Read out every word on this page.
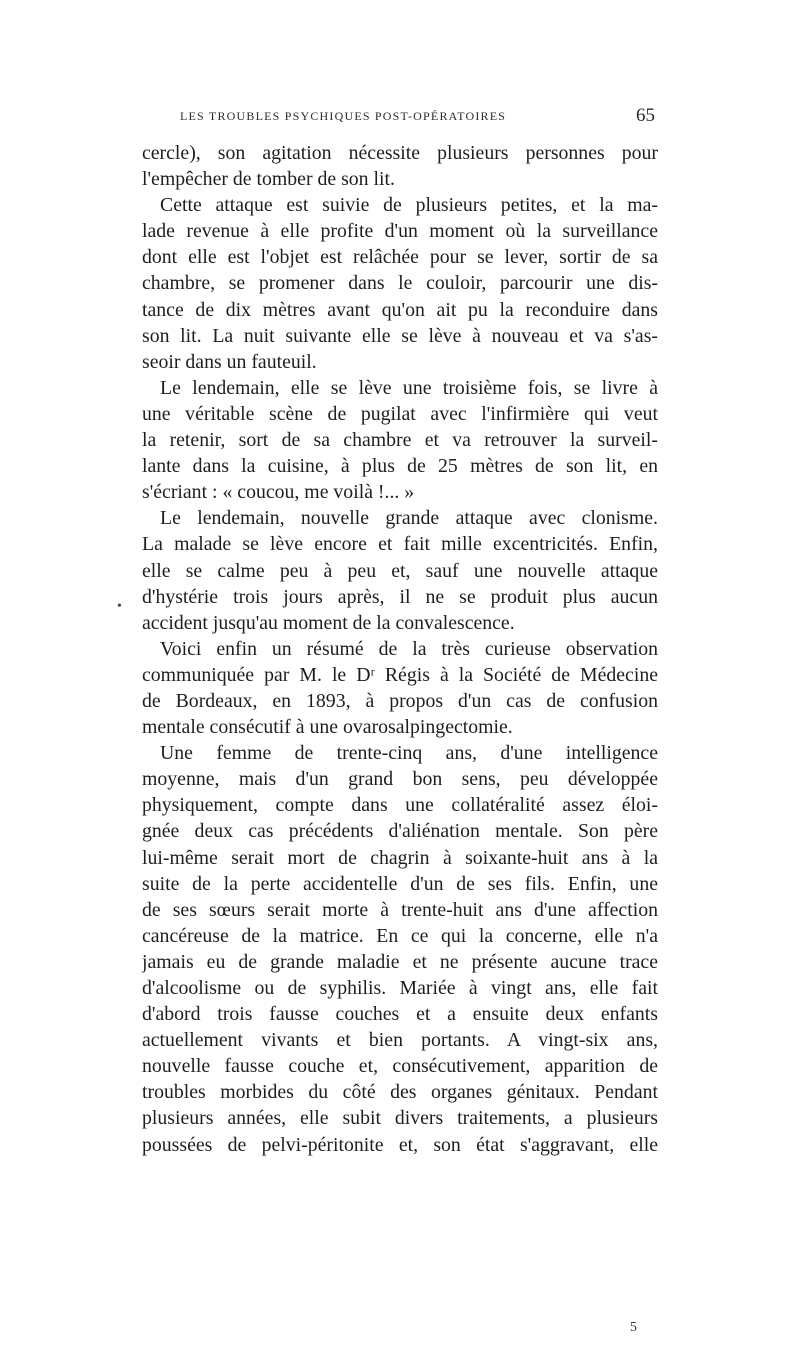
LES TROUBLES PSYCHIQUES POST-OPÉRATOIRES	65
•
cercle), son agitation nécessite plusieurs personnes pour
l'empêcher de tomber de son lit.
Cette attaque est suivie de plusieurs petites, et la ma-
lade revenue à elle profite d'un moment où la surveillance
dont elle est l'objet est relâchée pour se lever, sortir de sa
chambre, se promener dans le couloir, parcourir une dis-
tance de dix mètres avant qu'on ait pu la reconduire dans
son lit. La nuit suivante elle se lève à nouveau et va s'as-
seoir dans un fauteuil.
Le lendemain, elle se lève une troisième fois, se livre à
une véritable scène de pugilat avec l'infirmière qui veut
la retenir, sort de sa chambre et va retrouver la surveil-
lante dans la cuisine, à plus de 25 mètres de son lit, en
s'écriant : « coucou, me voilà !... »
Le lendemain, nouvelle grande attaque avec clonisme.
La malade se lève encore et fait mille excentricités. Enfin,
elle se calme peu à peu et, sauf une nouvelle attaque
d'hystérie trois jours après, il ne se produit plus aucun
accident jusqu'au moment de la convalescence.
Voici enfin un résumé de la très curieuse observation
communiquée par M. le Dʳ Régis à la Société de Médecine
de Bordeaux, en 1893, à propos d'un cas de confusion
mentale consécutif à une ovarosalpingectomie.
Une femme de trente-cinq ans, d'une intelligence
moyenne, mais d'un grand bon sens, peu développée
physiquement, compte dans une collatéralité assez éloi-
gnée deux cas précédents d'aliénation mentale. Son père
lui-même serait mort de chagrin à soixante-huit ans à la
suite de la perte accidentelle d'un de ses fils. Enfin, une
de ses sœurs serait morte à trente-huit ans d'une affection
cancéreuse de la matrice. En ce qui la concerne, elle n'a
jamais eu de grande maladie et ne présente aucune trace
d'alcoolisme ou de syphilis. Mariée à vingt ans, elle fait
d'abord trois fausse couches et a ensuite deux enfants
actuellement vivants et bien portants. A vingt-six ans,
nouvelle fausse couche et, consécutivement, apparition de
troubles morbides du côté des organes génitaux. Pendant
plusieurs années, elle subit divers traitements, a plusieurs
poussées de pelvi-péritonite et, son état s'aggravant, elle
5
